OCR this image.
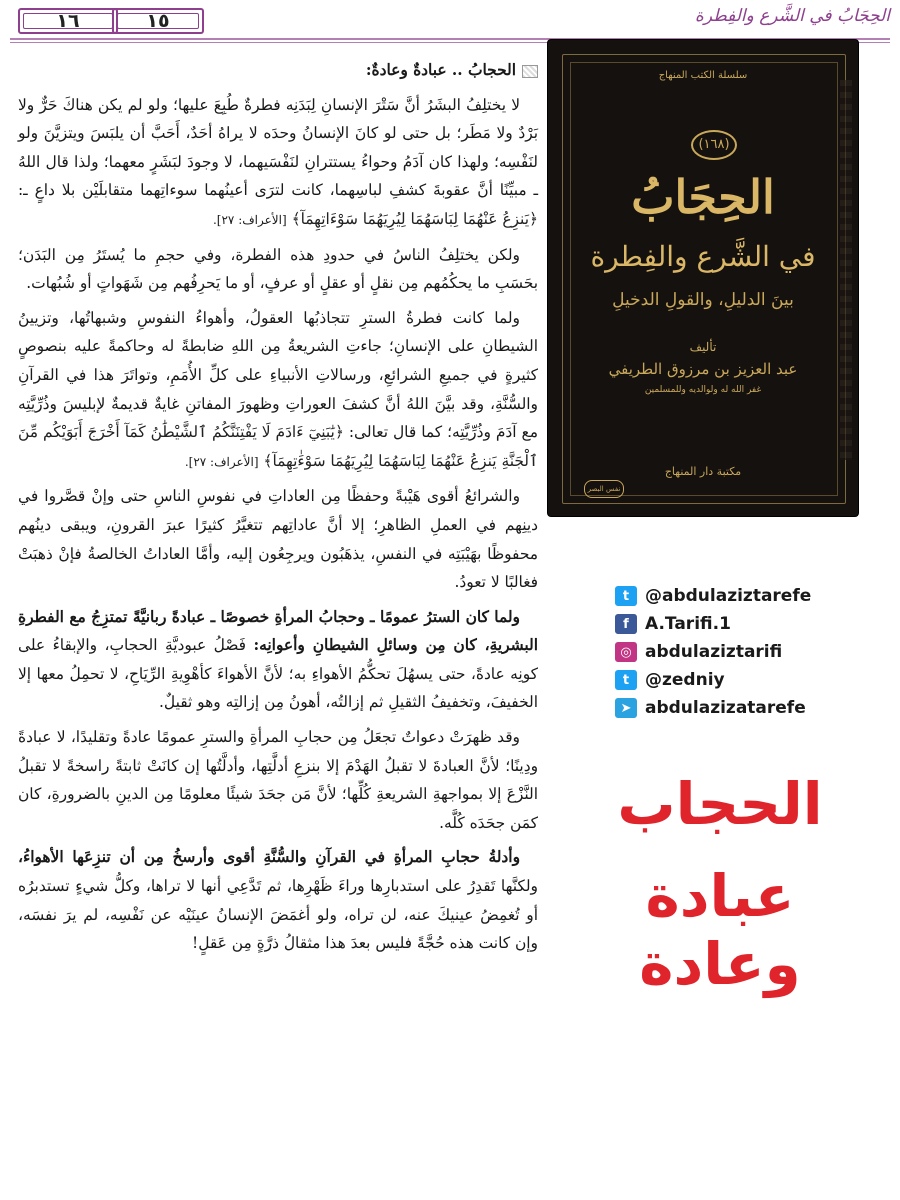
١٦	١٥	الحِجَابُ في الشَّرع والفِطرة

الحجابُ .. عبادةٌ وعادةٌ:

لا يختلِفُ البشَرُ أنَّ سَتْرَ الإنسانِ لِبَدَنِه فطرةٌ طُبِعَ عليها؛ ولو لم يكن هناكَ حَرٌّ ولا بَرْدٌ ولا مَطَر؛ بل حتى لو كانَ الإنسانُ وحدَه لا يراهُ أحَدٌ، أَحَبَّ أن يلبَسَ ويتزيَّنَ ولو لنَفْسِه؛ ولهذا كان آدَمُ وحواءُ يستترانِ لنَفْسَيهما، لا وجودَ لبَشَرٍ معهما؛ ولذا قال اللهُ ـ مبيِّنًا أنَّ عقوبةَ كشفِ لباسِهما، كانت لترَى أعينُهما سوءاتِهما متقابلَيْن بلا داعٍ ـ: ﴿يَنزِعُ عَنْهُمَا لِبَاسَهُمَا لِيُرِيَهُمَا سَوْءَاتِهِمَآ﴾ [الأعراف: ٢٧].

ولكن يختلِفُ الناسُ في حدودِ هذه الفطرة، وفي حجمِ ما يُستَرُ مِن البَدَن؛ بحَسَبِ ما يحكُمُهم مِن نقلٍ أو عقلٍ أو عرفٍ، أو ما يَحرِفُهم مِن شَهَواتٍ أو شُبُهات.

ولما كانت فطرةُ السترِ تتجاذبُها العقولُ، وأهواءُ النفوسِ وشبهاتُها، وتزيينُ الشيطانِ على الإنسانِ؛ جاءتِ الشريعةُ مِن اللهِ ضابطةً له وحاكمةً عليه بنصوصٍ كثيرةٍ في جميعِ الشرائعِ، ورسالاتِ الأنبياءِ على كلِّ الأُمَمِ، وتواتَرَ هذا في القرآنِ والسُّنَّةِ، وقد بيَّنَ اللهُ أنَّ كشفَ العوراتِ وظهورَ المفاتنِ غايةٌ قديمةٌ لإبليسَ وذُرِّيَّتِه مع آدَمَ وذُرِّيَّتِه؛ كما قال تعالى: ﴿يَٰبَنِيٓ ءَادَمَ لَا يَفْتِنَنَّكُمُ ٱلشَّيْطَٰنُ كَمَآ أَخْرَجَ أَبَوَيْكُم مِّنَ ٱلْجَنَّةِ يَنزِعُ عَنْهُمَا لِبَاسَهُمَا لِيُرِيَهُمَا سَوْءَٰتِهِمَآ﴾ [الأعراف: ٢٧].

والشرائعُ أقوى هَيْبةً وحفظًا مِن العاداتِ في نفوسِ الناسِ حتى وإنْ قصَّروا في دينِهم في العملِ الظاهرِ؛ إلا أنَّ عاداتِهم تتغيَّرُ كثيرًا عبرَ القرونِ، ويبقى دينُهم محفوظًا بهَيْبَتِه في النفسِ، يذهَبُون ويرجِعُون إليه، وأمَّا العاداتُ الخالصةُ فإنْ ذهبَتْ فغالبًا لا تعودُ.

ولما كان السترُ عمومًا ـ وحجابُ المرأةِ خصوصًا ـ عبادةً ربانيَّةً تمتزِجُ مع الفطرةِ البشريةِ، كان مِن وسائلِ الشيطانِ وأعوانِه: فَصْلُ عبوديَّةِ الحجابِ، والإبقاءُ على كونِه عادةً، حتى يسهُلَ تحكُّمُ الأهواءِ به؛ لأنَّ الأهواءَ كأهْوِيةِ الرِّيَاحِ، لا تحمِلُ معها إلا الخفيفَ، وتخفيفُ الثقيلِ ثم إزالتُه، أهونُ مِن إزالتِه وهو ثقيلٌ.

وقد ظهرَتْ دعواتٌ تجعَلُ مِن حجابِ المرأةِ والسترِ عمومًا عادةً وتقليدًا، لا عبادةً ودِينًا؛ لأنَّ العبادةَ لا تقبلُ الهَدْمَ إلا بنزعِ أدلَّتِها، وأدلَّتُها إن كانَتْ ثابتةً راسخةً لا تقبلُ النَّزْعَ إلا بمواجهةِ الشريعةِ كُلِّها؛ لأنَّ مَن جحَدَ شيئًا معلومًا مِن الدينِ بالضرورةِ، كان كمَن جحَدَه كُلَّه.

وأدلةُ حجابِ المرأةِ في القرآنِ والسُّنَّةِ أقوى وأرسخُ مِن أن تنزِعَها الأهواءُ، ولكنَّها تَقدِرُ على استدبارِها وراءَ ظَهْرِها، ثم تَدَّعِي أنها لا تراها، وكلُّ شيءٍ تستدبرُه أو تُغمِضُ عينيكَ عنه، لن تراه، ولو أغمَضَ الإنسانُ عينَيْه عن نَفْسِه، لم يرَ نفسَه، وإن كانت هذه حُجَّةً فليس بعدَ هذا مثقالُ ذرَّةٍ مِن عَقلٍ!

سلسلة الكتب المنهاج
(١٦٨)
الحِجَابُ
في الشَّرع والفِطرة
بينَ الدليلِ، والقولِ الدخيلِ
تأليف
عبد العزيز بن مرزوق الطريفي
غفر الله له ولوالديه وللمسلمين
مكتبة دار المنهاج
نفس البصر
t @abdulaziztarefe
f A.Tarifi.1
◎ abdulaziztarifi
t @zedniy
➤ abdulazizatarefe
الحجاب
عبادة وعادة
